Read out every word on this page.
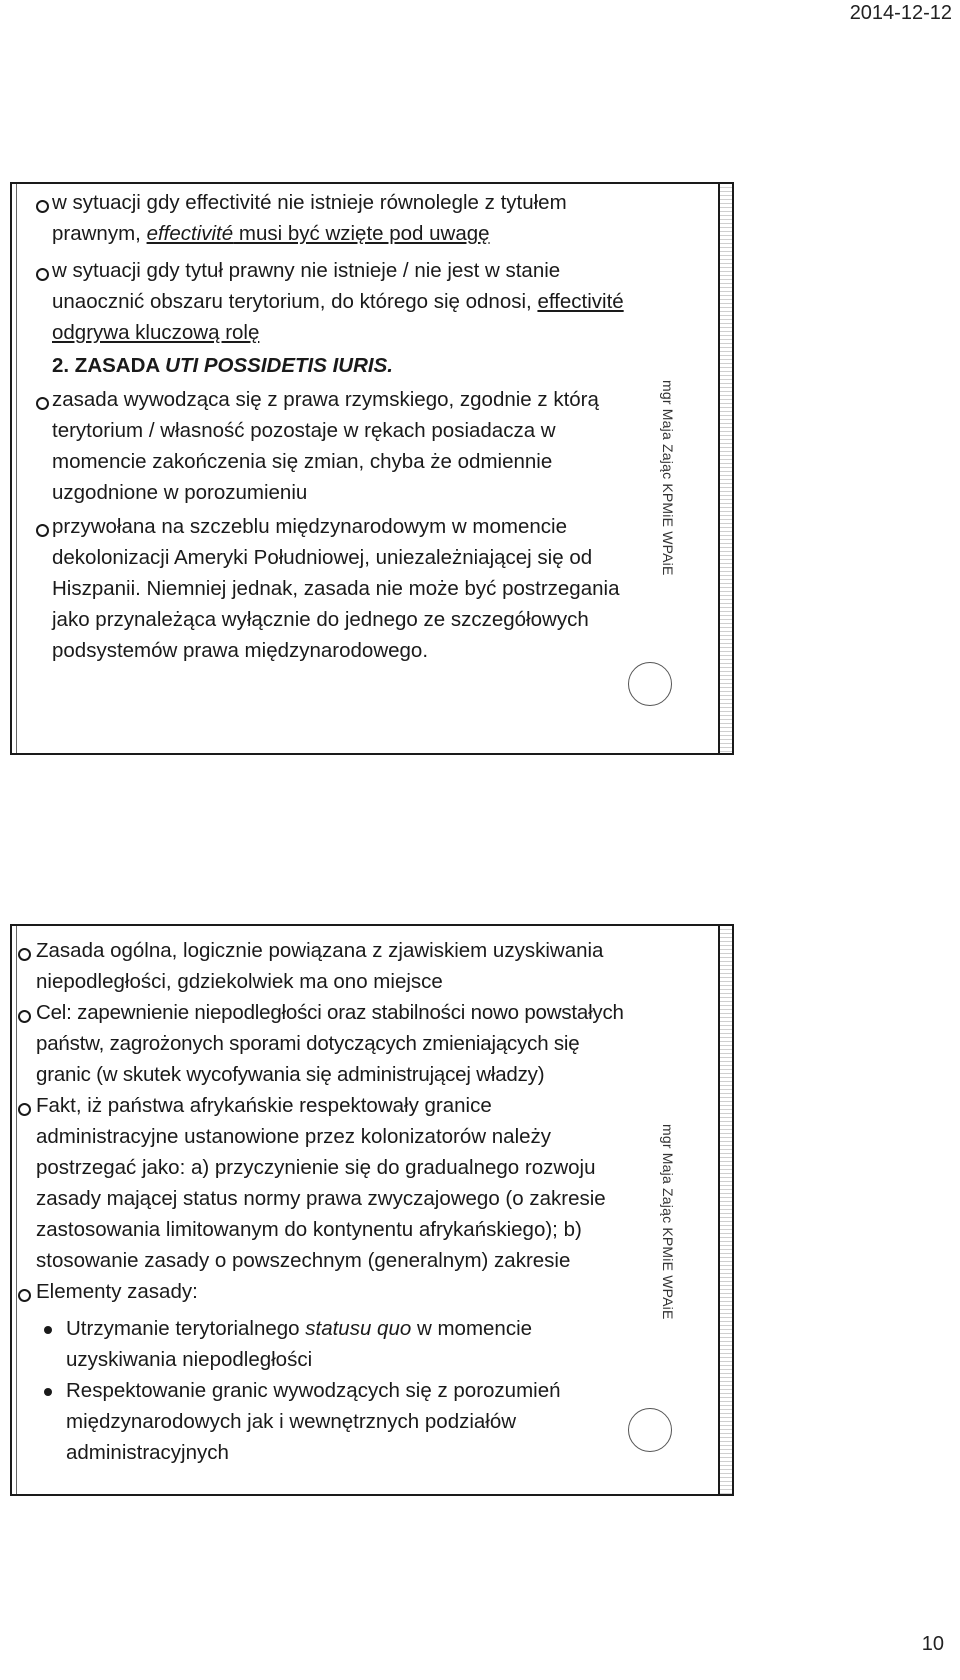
2014-12-12
mgr Maja Zając KPMiE WPAiE
w sytuacji gdy effectivité nie istnieje równolegle z tytułem
prawnym, effectivité musi być wzięte pod uwagę
w sytuacji gdy tytuł prawny nie istnieje / nie jest w stanie
unaocznić obszaru terytorium, do którego się odnosi, effectivité
odgrywa kluczową rolę
2. ZASADA UTI POSSIDETIS IURIS.
zasada wywodząca się z prawa rzymskiego, zgodnie z którą
terytorium / własność pozostaje w rękach posiadacza w
momencie zakończenia się zmian, chyba że odmiennie
uzgodnione w porozumieniu
przywołana na szczeblu międzynarodowym w momencie
dekolonizacji Ameryki Południowej, uniezależniającej się od
Hiszpanii. Niemniej jednak, zasada nie może być postrzegania
jako przynależąca wyłącznie do jednego ze szczegółowych
podsystemów prawa międzynarodowego.
mgr Maja Zając KPMiE WPAiE
Zasada ogólna, logicznie powiązana z zjawiskiem uzyskiwania
niepodległości, gdziekolwiek ma ono miejsce
Cel: zapewnienie niepodległości oraz stabilności nowo powstałych
państw, zagrożonych sporami dotyczących zmieniających się
granic (w skutek wycofywania się administrującej władzy)
Fakt, iż państwa afrykańskie respektowały granice
administracyjne ustanowione przez kolonizatorów należy
postrzegać jako: a) przyczynienie się do gradualnego rozwoju
zasady mającej status normy prawa zwyczajowego (o zakresie
zastosowania limitowanym do kontynentu afrykańskiego); b)
stosowanie zasady o powszechnym (generalnym) zakresie
Elementy zasady:
Utrzymanie terytorialnego statusu quo w momencie
uzyskiwania niepodległości
Respektowanie granic wywodzących się z porozumień
międzynarodowych jak i wewnętrznych podziałów
administracyjnych
10
